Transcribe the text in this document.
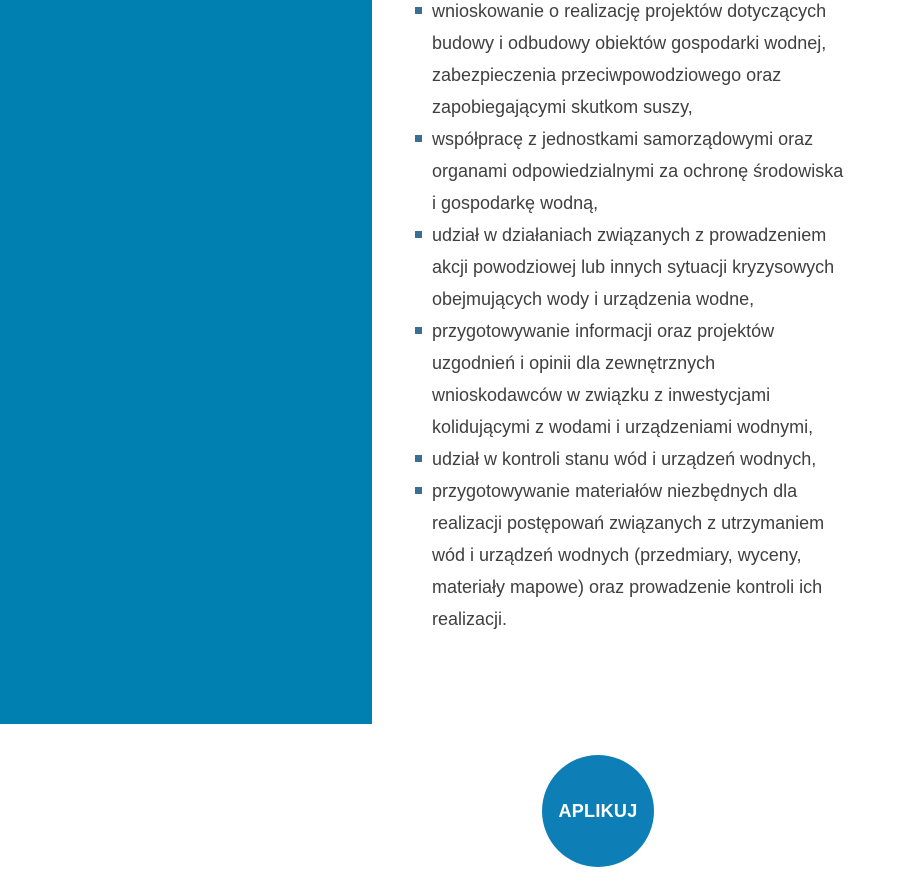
wnioskowanie o realizację projektów dotyczących budowy i odbudowy obiektów gospodarki wodnej, zabezpieczenia przeciwpowodziowego oraz zapobiegającymi skutkom suszy,
współpracę z jednostkami samorządowymi oraz organami odpowiedzialnymi za ochronę środowiska i gospodarkę wodną,
udział w działaniach związanych z prowadzeniem akcji powodziowej lub innych sytuacji kryzysowych obejmujących wody i urządzenia wodne,
przygotowywanie informacji oraz projektów uzgodnień i opinii dla zewnętrznych wnioskodawców w związku z inwestycjami kolidującymi z wodami i urządzeniami wodnymi,
udział w kontroli stanu wód i urządzeń wodnych,
przygotowywanie materiałów niezbędnych dla realizacji postępowań związanych z utrzymaniem wód i urządzeń wodnych (przedmiary, wyceny, materiały mapowe) oraz prowadzenie kontroli ich realizacji.
APLIKUJ
